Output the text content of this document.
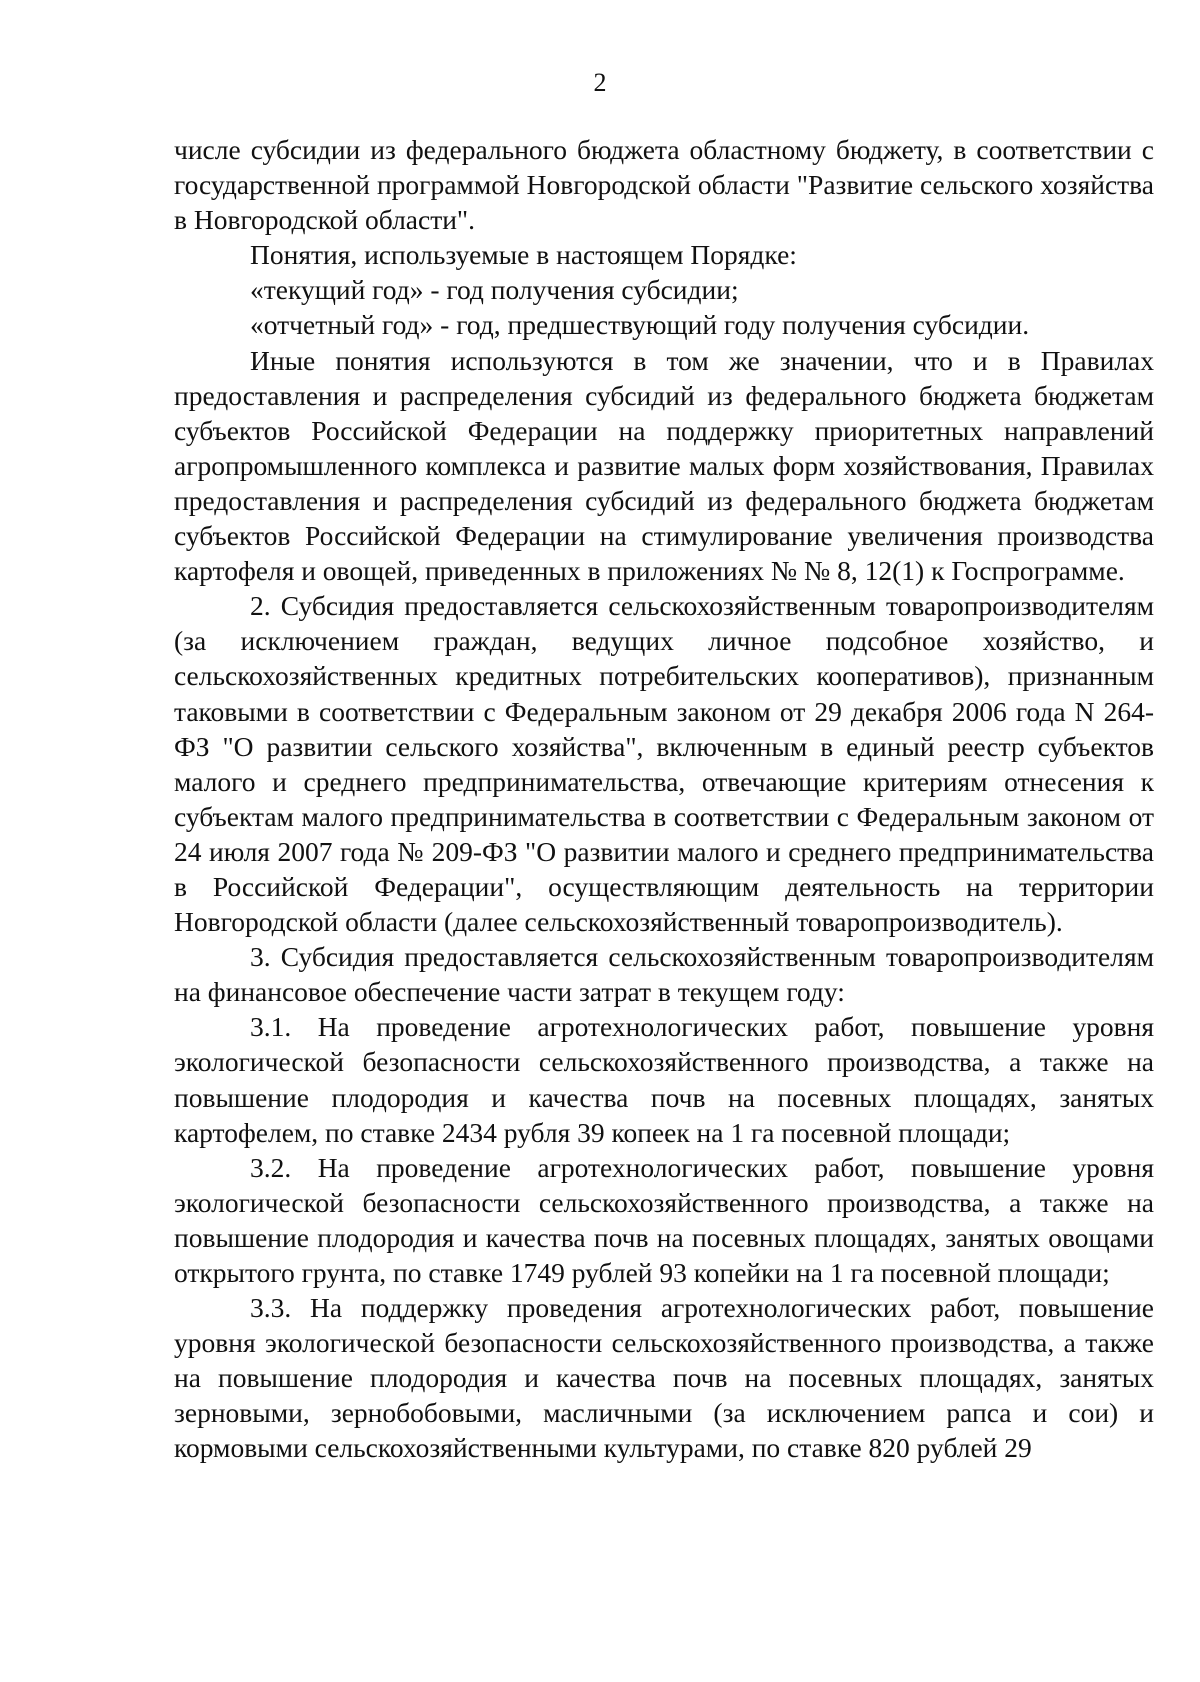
2

числе субсидии из федерального бюджета областному бюджету, в соответствии с государственной программой Новгородской области "Развитие сельского хозяйства в Новгородской области".

Понятия, используемые в настоящем Порядке:

«текущий год» - год получения субсидии;

«отчетный год» - год, предшествующий году получения субсидии.

Иные понятия используются в том же значении, что и в Правилах предоставления и распределения субсидий из федерального бюджета бюджетам субъектов Российской Федерации на поддержку приоритетных направлений агропромышленного комплекса и развитие малых форм хозяйствования, Правилах предоставления и распределения субсидий из федерального бюджета бюджетам субъектов Российской Федерации на стимулирование увеличения производства картофеля и овощей, приведенных в приложениях № № 8, 12(1) к Госпрограмме.

2. Субсидия предоставляется сельскохозяйственным товаропроизводителям (за исключением граждан, ведущих личное подсобное хозяйство, и сельскохозяйственных кредитных потребительских кооперативов), признанным таковыми в соответствии с Федеральным законом от 29 декабря 2006 года N 264-ФЗ "О развитии сельского хозяйства", включенным в единый реестр субъектов малого и среднего предпринимательства, отвечающие критериям отнесения к субъектам малого предпринимательства в соответствии с Федеральным законом от 24 июля 2007 года № 209-ФЗ "О развитии малого и среднего предпринимательства в Российской Федерации", осуществляющим деятельность на территории Новгородской области (далее сельскохозяйственный товаропроизводитель).

3. Субсидия предоставляется сельскохозяйственным товаропроизводителям на финансовое обеспечение части затрат в текущем году:

3.1. На проведение агротехнологических работ, повышение уровня экологической безопасности сельскохозяйственного производства, а также на повышение плодородия и качества почв на посевных площадях, занятых картофелем, по ставке 2434 рубля 39 копеек на 1 га посевной площади;

3.2. На проведение агротехнологических работ, повышение уровня экологической безопасности сельскохозяйственного производства, а также на повышение плодородия и качества почв на посевных площадях, занятых овощами открытого грунта, по ставке 1749 рублей 93 копейки на 1 га посевной площади;

3.3. На поддержку проведения агротехнологических работ, повышение уровня экологической безопасности сельскохозяйственного производства, а также на повышение плодородия и качества почв на посевных площадях, занятых зерновыми, зернобобовыми, масличными (за исключением рапса и сои) и кормовыми сельскохозяйственными культурами, по ставке 820 рублей 29
